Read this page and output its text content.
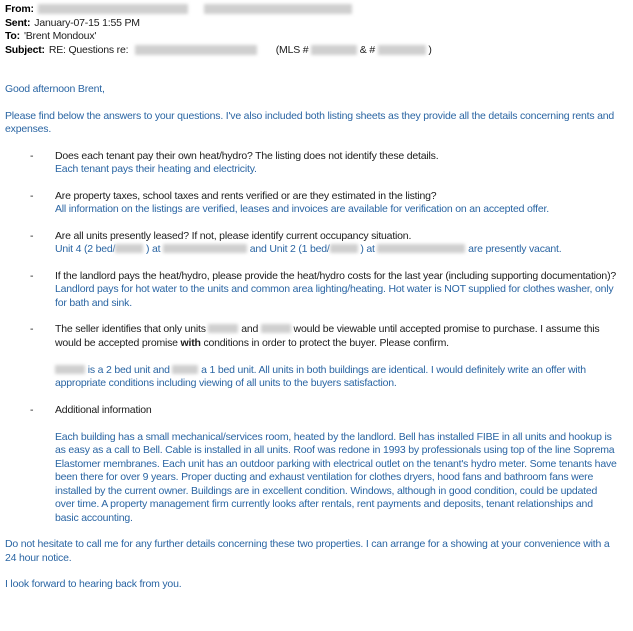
From:
Sent: January-07-15 1:55 PM
To: 'Brent Mondoux'
Subject: RE: Questions re:	(MLS #	& #	)

Good afternoon Brent,

Please find below the answers to your questions. I've also included both listing sheets as they provide all the details concerning rents and expenses.

-	Does each tenant pay their own heat/hydro? The listing does not identify these details.
Each tenant pays their heating and electricity.
-	Are property taxes, school taxes and rents verified or are they estimated in the listing?
All information on the listings are verified, leases and invoices are available for verification on an accepted offer.
-	Are all units presently leased? If not, please identify current occupancy situation.
Unit 4 (2 bed/	) at	and Unit 2 (1 bed/	) at	are presently vacant.
-	If the landlord pays the heat/hydro, please provide the heat/hydro costs for the last year (including supporting documentation)?
Landlord pays for hot water to the units and common area lighting/heating. Hot water is NOT supplied for clothes washer, only for bath and sink.
-	The seller identifies that only units	and	would be viewable until accepted promise to purchase. I assume this would be accepted promise with conditions in order to protect the buyer. Please confirm.
is a 2 bed unit and  a 1 bed unit. All units in both buildings are identical. I would definitely write an offer with appropriate conditions including viewing of all units to the buyers satisfaction.
-	Additional information
Each building has a small mechanical/services room, heated by the landlord. Bell has installed FIBE in all units and hookup is as easy as a call to Bell. Cable is installed in all units. Roof was redone in 1993 by professionals using top of the line Soprema Elastomer membranes. Each unit has an outdoor parking with electrical outlet on the tenant's hydro meter. Some tenants have been there for over 9 years. Proper ducting and exhaust ventilation for clothes dryers, hood fans and bathroom fans were installed by the current owner. Buildings are in excellent condition. Windows, although in good condition, could be updated over time. A property management firm currently looks after rentals, rent payments and deposits, tenant relationships and basic accounting.

Do not hesitate to call me for any further details concerning these two properties. I can arrange for a showing at your convenience with a 24 hour notice.

I look forward to hearing back from you.
